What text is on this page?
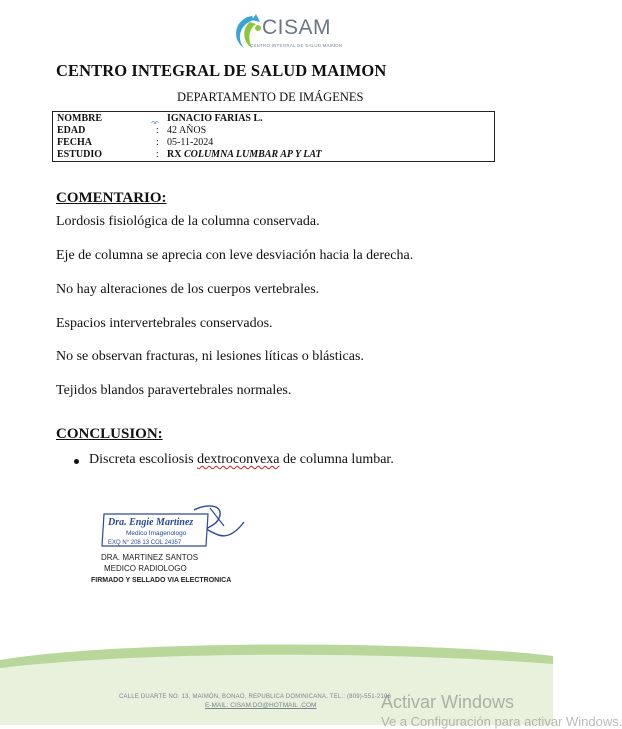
CISAM
CENTRO INTEGRAL DE SALUD MAIMON
CENTRO INTEGRAL DE SALUD MAIMON
DEPARTAMENTO DE IMÁGENES
NOMBRE	ᨎ IGNACIO FARIAS L.
EDAD	: 42 AÑOS
FECHA	: 05-11-2024
ESTUDIO	: RX COLUMNA LUMBAR AP Y LAT
COMENTARIO:
Lordosis fisiológica de la columna conservada.
Eje de columna se aprecia con leve desviación hacia la derecha.
No hay alteraciones de los cuerpos vertebrales.
Espacios intervertebrales conservados.
No se observan fracturas, ni lesiones líticas o blásticas.
Tejidos blandos paravertebrales normales.
CONCLUSION:
Discreta escoliosis dextroconvexa de columna lumbar.
Dra. Engie Martinez
Medico Imagenologo
EXQ N° 208 13 COL 24357
DRA. MARTINEZ SANTOS
MEDICO RADIOLOGO
FIRMADO Y SELLADO VIA ELECTRONICA
CALLE DUARTE NO. 13, MAIMÓN, BONAO, REPUBLICA DOMINICANA, TEL.: (809)-551-2106
E-MAIL: CISAM.DO@HOTMAIL .COM	Activar Windows
Ve a Configuración para activar Windows.
